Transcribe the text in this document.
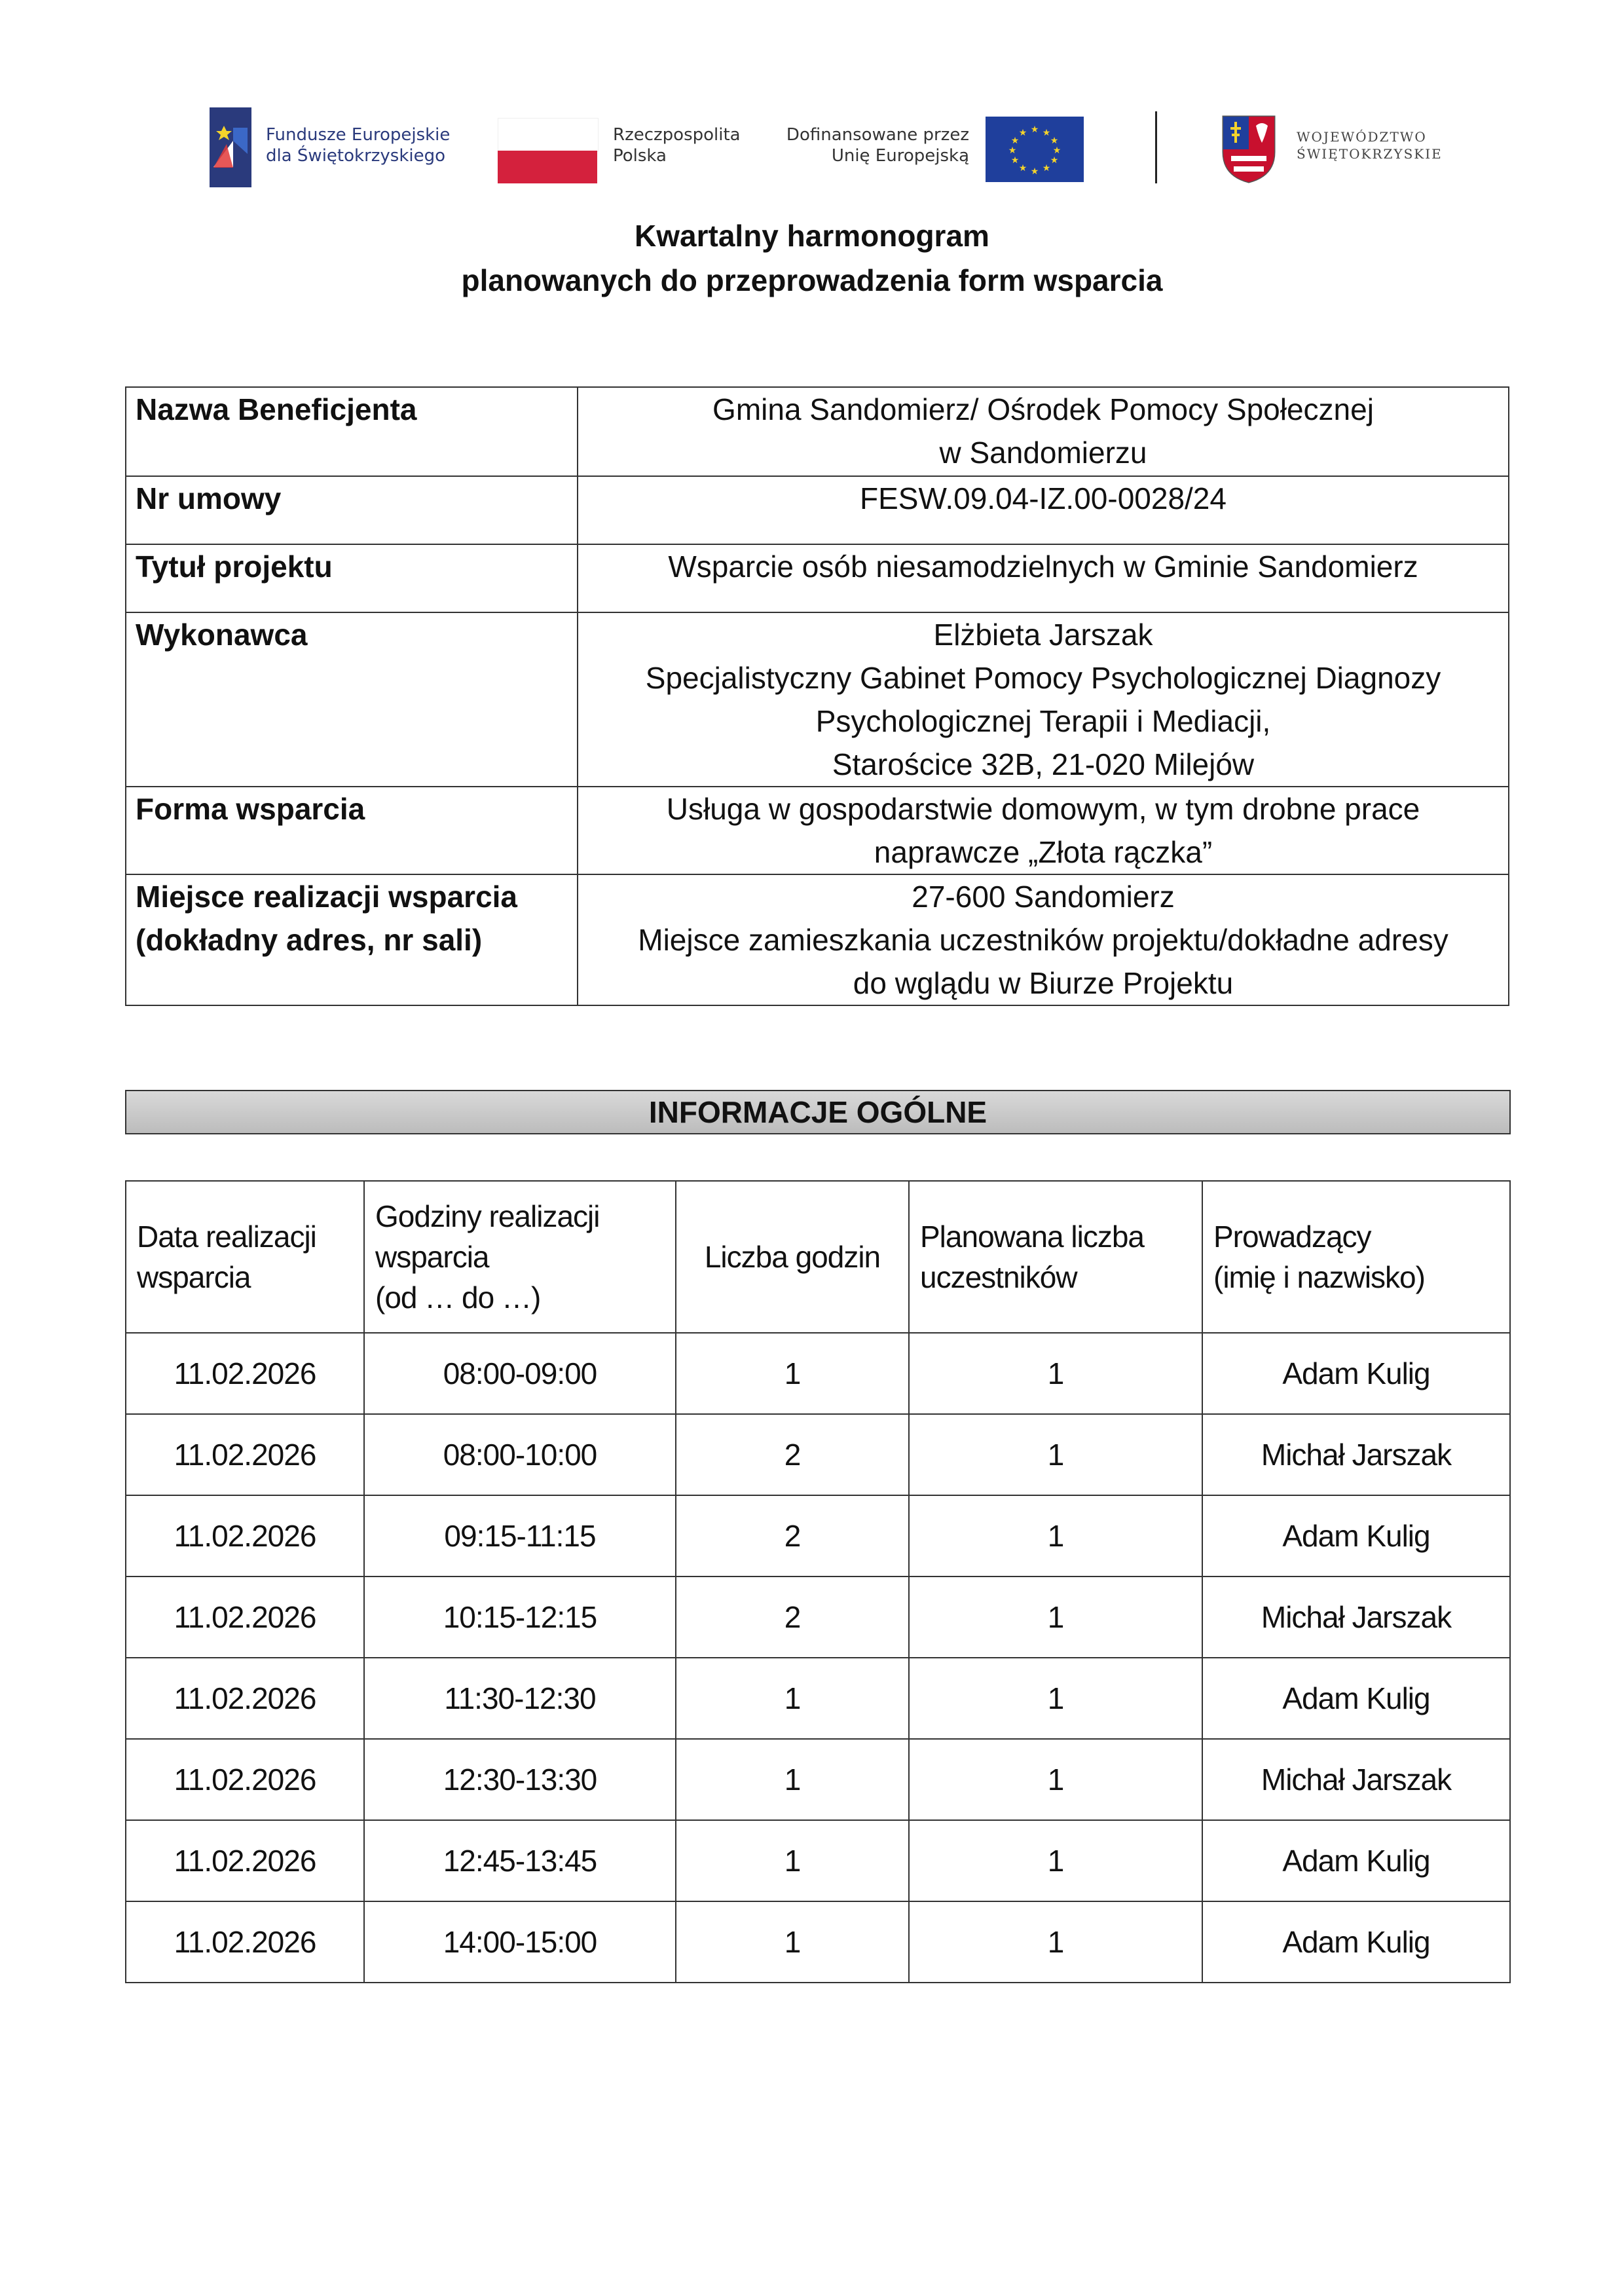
Fundusze Europejskie
dla Świętokrzyskiego
Rzeczpospolita
Polska
Dofinansowane przez
Unię Europejską
★ ★
★
★
★
★
★
★
★
★
★
★	WOJEWÓDZTWO
ŚWIĘTOKRZYSKIE
Kwartalny harmonogram
planowanych do przeprowadzenia form wsparcia
Nazwa Beneficjenta	Gmina Sandomierz/ Ośrodek Pomocy Społecznej
w Sandomierzu

Nr umowy	FESW.09.04-IZ.00-0028/24
Tytuł projektu	Wsparcie osób niesamodzielnych w Gminie Sandomierz
Wykonawca	Elżbieta Jarszak
Specjalistyczny Gabinet Pomocy Psychologicznej Diagnozy
Psychologicznej Terapii i Mediacji,
Starościce 32B, 21-020 Milejów

Forma wsparcia	Usługa w gospodarstwie domowym, w tym drobne prace
naprawcze „Złota rączka”

Miejsce realizacji wsparcia
(dokładny adres, nr sali)	27-600 Sandomierz
Miejsce zamieszkania uczestników projektu/dokładne adresy
do wglądu w Biurze Projektu
INFORMACJE OGÓLNE
Data realizacji
wsparcia	Godziny realizacji
wsparcia
(od … do …)	Liczba godzin	Planowana liczba
uczestników	Prowadzący
(imię i nazwisko)

11.02.2026	08:00-09:00	1	1	Adam Kulig
11.02.2026	08:00-10:00	2	1	Michał Jarszak
11.02.2026	09:15-11:15	2	1	Adam Kulig
11.02.2026	10:15-12:15	2	1	Michał Jarszak
11.02.2026	11:30-12:30	1	1	Adam Kulig
11.02.2026	12:30-13:30	1	1	Michał Jarszak
11.02.2026	12:45-13:45	1	1	Adam Kulig
11.02.2026	14:00-15:00	1	1	Adam Kulig
